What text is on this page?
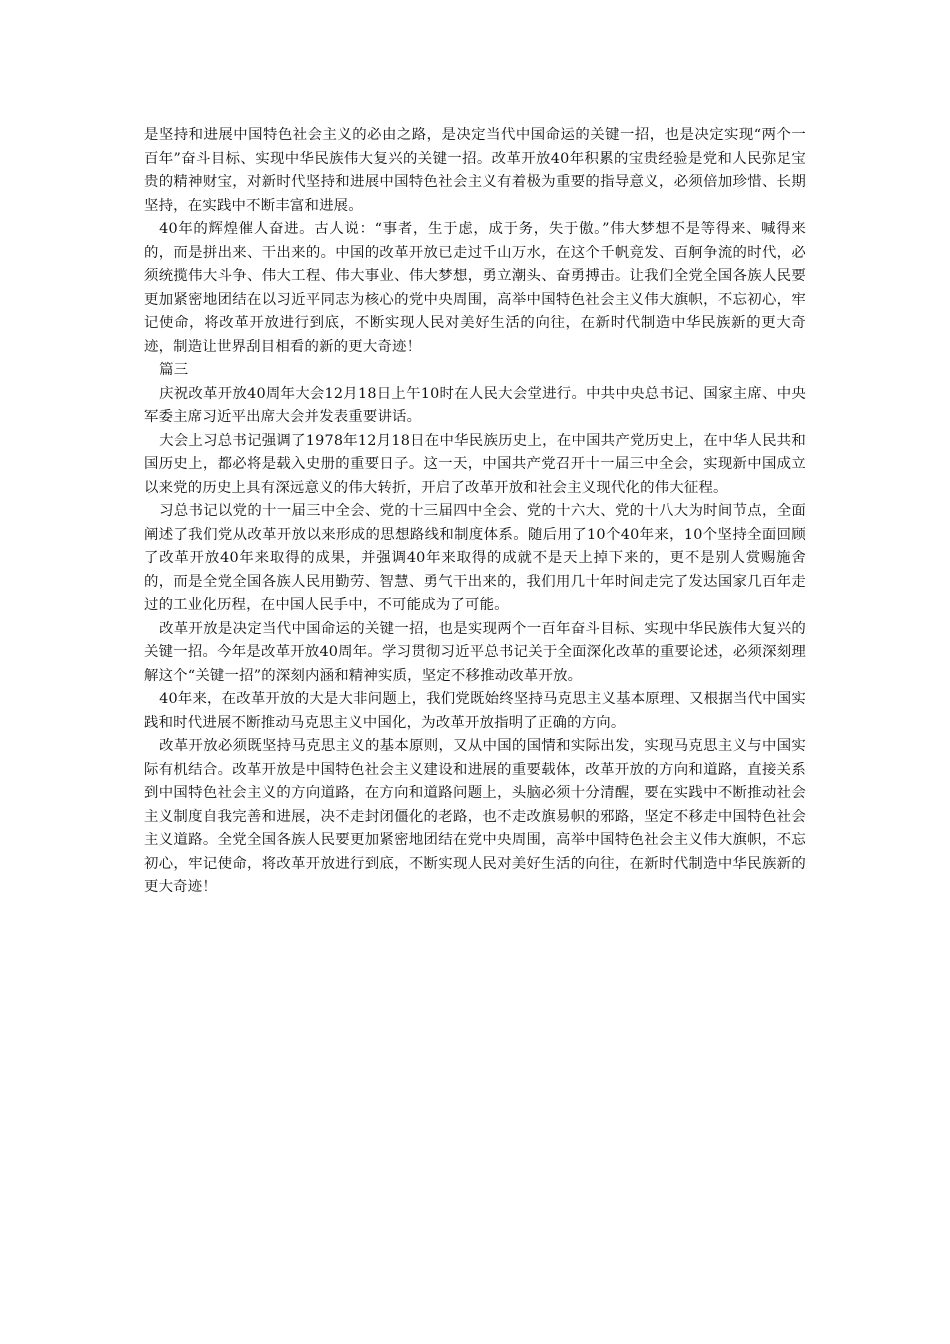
是坚持和进展中国特色社会主义的必由之路，是决定当代中国命运的关键一招，也是决定实现“两个一百年”奋斗目标、实现中华民族伟大复兴的关键一招。改革开放40年积累的宝贵经验是党和人民弥足宝贵的精神财宝，对新时代坚持和进展中国特色社会主义有着极为重要的指导意义，必须倍加珍惜、长期坚持，在实践中不断丰富和进展。

40年的辉煌催人奋进。古人说：“事者，生于虑，成于务，失于傲。”伟大梦想不是等得来、喊得来的，而是拼出来、干出来的。中国的改革开放已走过千山万水，在这个千帆竞发、百舸争流的时代，必须统揽伟大斗争、伟大工程、伟大事业、伟大梦想，勇立潮头、奋勇搏击。让我们全党全国各族人民要更加紧密地团结在以习近平同志为核心的党中央周围，高举中国特色社会主义伟大旗帜，不忘初心，牢记使命，将改革开放进行到底，不断实现人民对美好生活的向往，在新时代制造中华民族新的更大奇迹，制造让世界刮目相看的新的更大奇迹！

篇三

庆祝改革开放40周年大会12月18日上午10时在人民大会堂进行。中共中央总书记、国家主席、中央军委主席习近平出席大会并发表重要讲话。

大会上习总书记强调了1978年12月18日在中华民族历史上，在中国共产党历史上，在中华人民共和国历史上，都必将是载入史册的重要日子。这一天，中国共产党召开十一届三中全会，实现新中国成立以来党的历史上具有深远意义的伟大转折，开启了改革开放和社会主义现代化的伟大征程。

习总书记以党的十一届三中全会、党的十三届四中全会、党的十六大、党的十八大为时间节点，全面阐述了我们党从改革开放以来形成的思想路线和制度体系。随后用了10个40年来，10个坚持全面回顾了改革开放40年来取得的成果，并强调40年来取得的成就不是天上掉下来的，更不是别人赏赐施舍的，而是全党全国各族人民用勤劳、智慧、勇气干出来的，我们用几十年时间走完了发达国家几百年走过的工业化历程，在中国人民手中，不可能成为了可能。

改革开放是决定当代中国命运的关键一招，也是实现两个一百年奋斗目标、实现中华民族伟大复兴的关键一招。今年是改革开放40周年。学习贯彻习近平总书记关于全面深化改革的重要论述，必须深刻理解这个“关键一招”的深刻内涵和精神实质，坚定不移推动改革开放。

40年来，在改革开放的大是大非问题上，我们党既始终坚持马克思主义基本原理、又根据当代中国实践和时代进展不断推动马克思主义中国化，为改革开放指明了正确的方向。

改革开放必须既坚持马克思主义的基本原则，又从中国的国情和实际出发，实现马克思主义与中国实际有机结合。改革开放是中国特色社会主义建设和进展的重要载体，改革开放的方向和道路，直接关系到中国特色社会主义的方向道路，在方向和道路问题上，头脑必须十分清醒，要在实践中不断推动社会主义制度自我完善和进展，决不走封闭僵化的老路，也不走改旗易帜的邪路，坚定不移走中国特色社会主义道路。全党全国各族人民要更加紧密地团结在党中央周围，高举中国特色社会主义伟大旗帜，不忘初心，牢记使命，将改革开放进行到底，不断实现人民对美好生活的向往，在新时代制造中华民族新的更大奇迹！
